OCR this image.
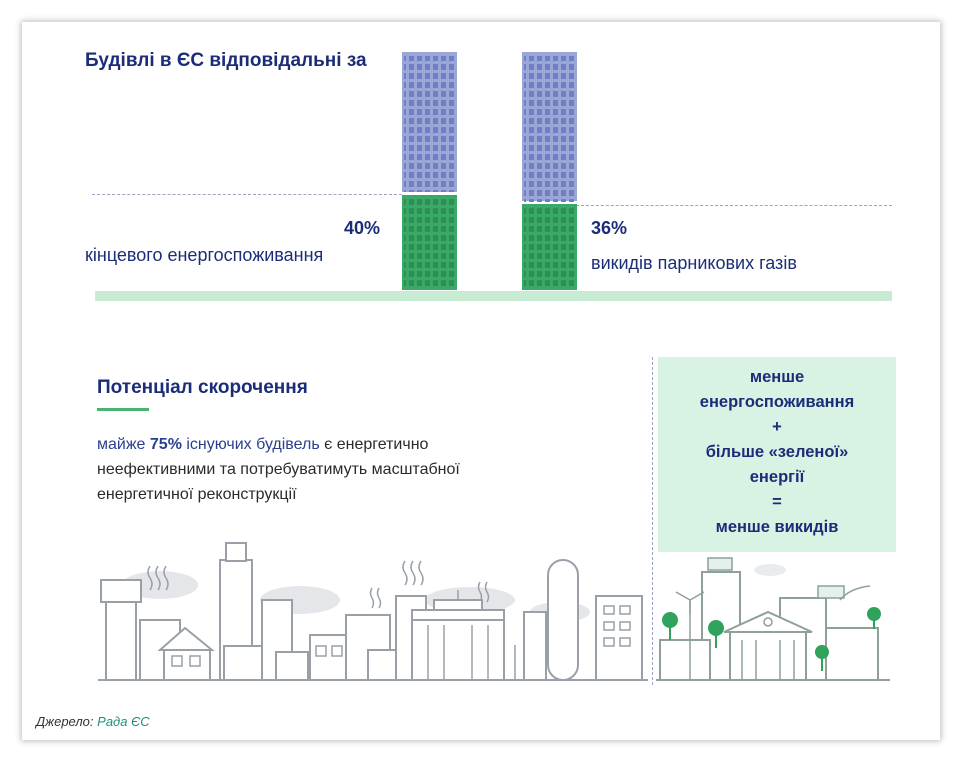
Будівлі в ЄС відповідальні за
40%
кінцевого енергоспоживання
36%
викидів парникових газів
Потенціал скорочення
майже 75% існуючих будівель є енергетично неефективними та потребуватимуть масштабної енергетичної реконструкції
менше
енергоспоживання
+
більше «зеленої»
енергії
=
менше викидів
Джерело: Рада ЄС
